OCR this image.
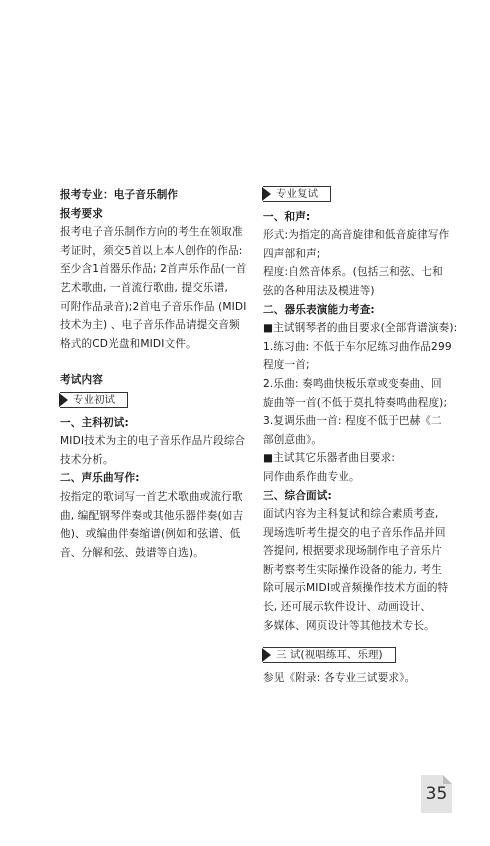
报考专业：电子音乐制作
报考要求
报考电子音乐制作方向的考生在领取准
考证时，须交5首以上本人创作的作品:
至少含1首器乐作品; 2首声乐作品(一首
艺术歌曲, 一首流行歌曲, 提交乐谱,
可附作品录音);2首电子音乐作品 (MIDI
技术为主) 、电子音乐作品请提交音频
格式的CD光盘和MIDI文件。
考试内容
专业初试
一、主科初试:
MIDI技术为主的电子音乐作品片段综合
技术分析。
二、声乐曲写作:
按指定的歌词写一首艺术歌曲或流行歌
曲, 编配钢琴伴奏或其他乐器伴奏(如吉
他)、或编曲伴奏缩谱(例如和弦谱、低
音、分解和弦、鼓谱等自选)。
专业复试
一、和声:
形式:为指定的高音旋律和低音旋律写作
四声部和声;
程度:自然音体系。(包括三和弦、七和
弦的各种用法及模进等)
二、器乐表演能力考查:
■主试钢琴者的曲目要求(全部背谱演奏):
1.练习曲: 不低于车尔尼练习曲作品299
程度一首;
2.乐曲: 奏鸣曲快板乐章或变奏曲、回
旋曲等一首(不低于莫扎特奏鸣曲程度);
3.复调乐曲一首: 程度不低于巴赫《二
部创意曲》。
■主试其它乐器者曲目要求:
同作曲系作曲专业。
三、综合面试:
面试内容为主科复试和综合素质考查,
现场选听考生提交的电子音乐作品并回
答提问, 根据要求现场制作电子音乐片
断考察考生实际操作设备的能力, 考生
除可展示MIDI或音频操作技术方面的特
长, 还可展示软件设计、动画设计、
多媒体、网页设计等其他技术专长。
三 试(视唱练耳、乐理)
参见《附录: 各专业三试要求》。
35
